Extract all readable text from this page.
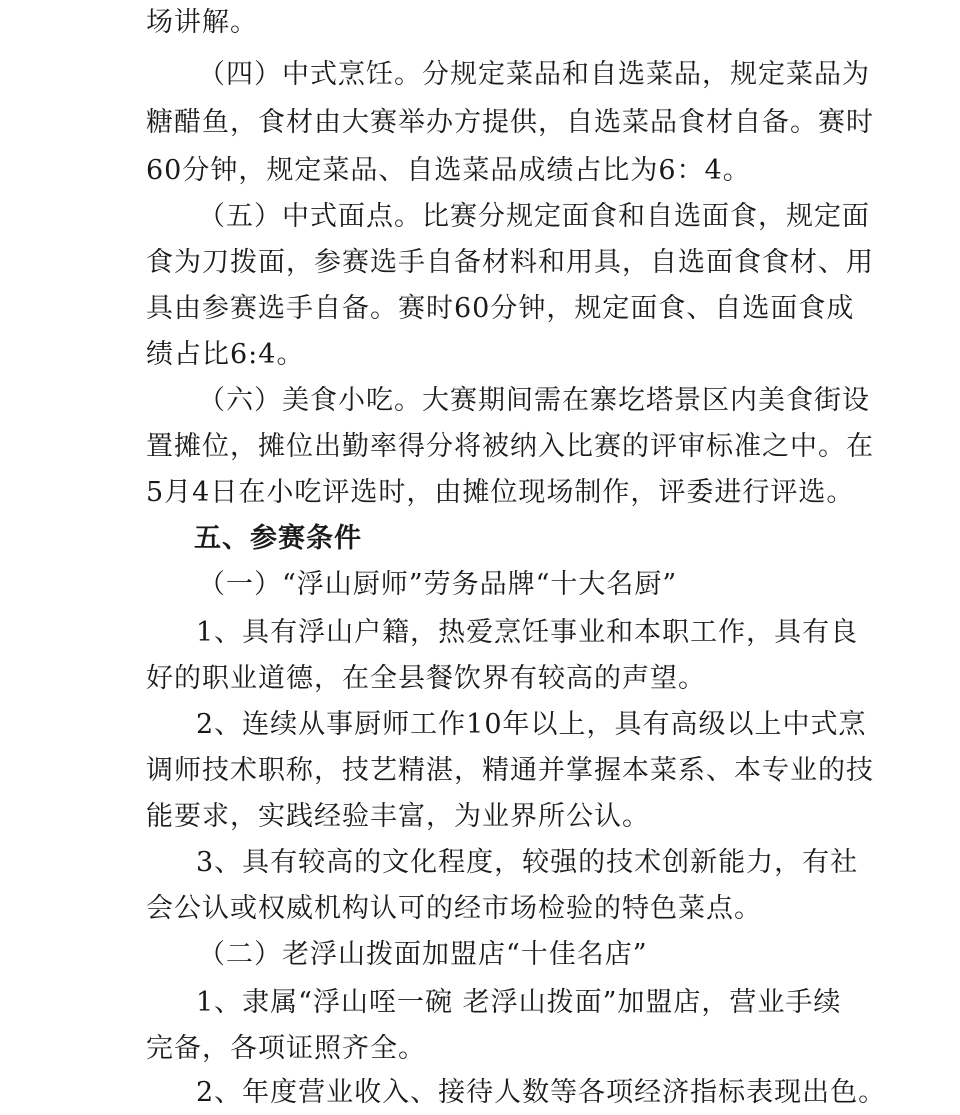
场讲解。
（四）中式烹饪。分规定菜品和自选菜品，规定菜品为
糖醋鱼，食材由大赛举办方提供，自选菜品食材自备。赛时
60分钟，规定菜品、自选菜品成绩占比为6：4。
（五）中式面点。比赛分规定面食和自选面食，规定面
食为刀拨面，参赛选手自备材料和用具，自选面食食材、用
具由参赛选手自备。赛时60分钟，规定面食、自选面食成
绩占比6:4。
（六）美食小吃。大赛期间需在寨圪塔景区内美食街设
置摊位，摊位出勤率得分将被纳入比赛的评审标准之中。在
5月4日在小吃评选时，由摊位现场制作，评委进行评选。
五、参赛条件
（一）“浮山厨师”劳务品牌“十大名厨”
1、具有浮山户籍，热爱烹饪事业和本职工作，具有良
好的职业道德，在全县餐饮界有较高的声望。
2、连续从事厨师工作10年以上，具有高级以上中式烹
调师技术职称，技艺精湛，精通并掌握本菜系、本专业的技
能要求，实践经验丰富，为业界所公认。
3、具有较高的文化程度，较强的技术创新能力，有社
会公认或权威机构认可的经市场检验的特色菜点。
（二）老浮山拨面加盟店“十佳名店”
1、隶属“浮山咥一碗 老浮山拨面”加盟店，营业手续
完备，各项证照齐全。
2、年度营业收入、接待人数等各项经济指标表现出色。
